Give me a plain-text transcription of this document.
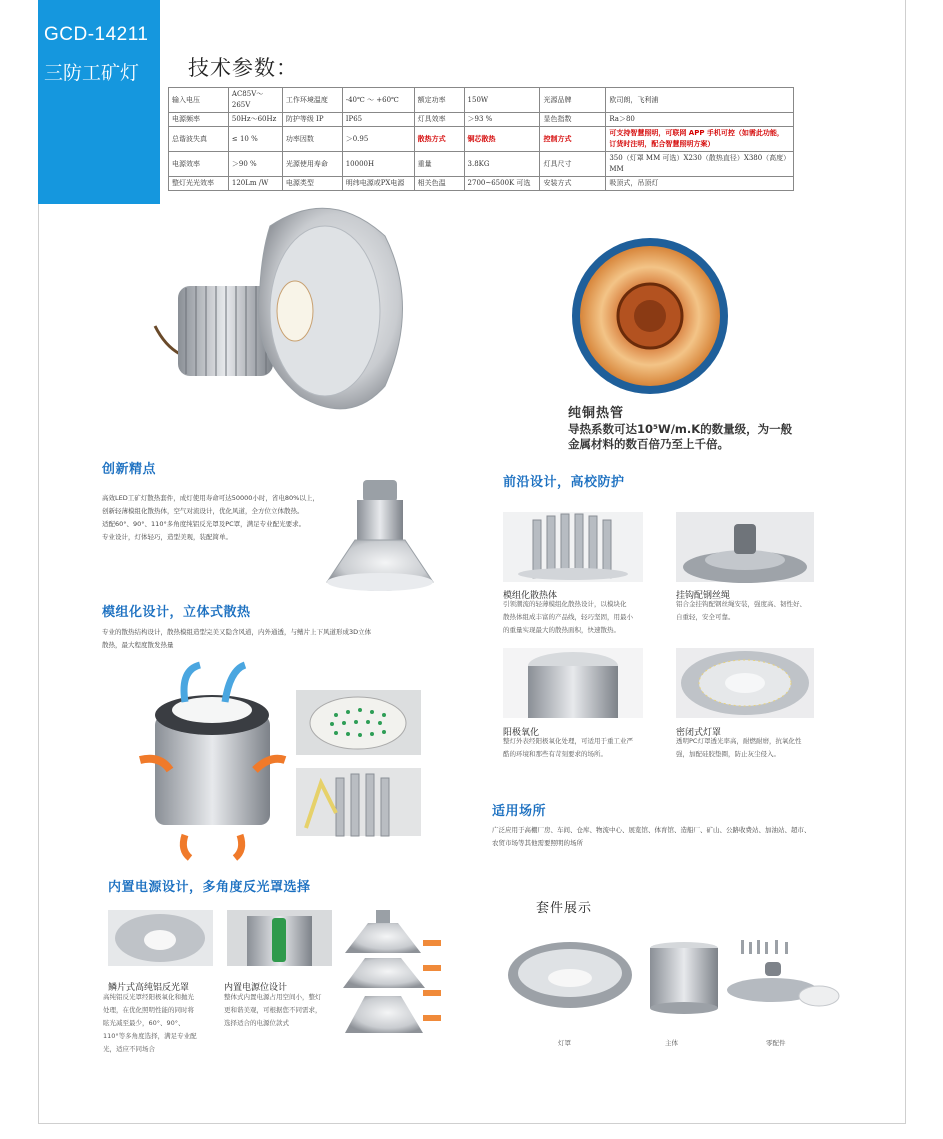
GCD-14211
三防工矿灯 技术参数：
输入电压	AC85V～265V	工作环境温度	-40℃ ～ +60℃	额定功率	150W	光源品牌	欧司朗，飞利浦
电源频率	50Hz～60Hz	防护等级 IP	IP65	灯具效率	＞93 %	显色指数	Ra＞80
总谐波失真	≤ 10 %	功率因数	＞0.95	散热方式	铜芯散热	控制方式	可支持智慧照明，可联网 APP 手机可控（如需此功能，订货时注明，配合智慧照明方案）
电源效率	＞90 %	光源使用寿命	10000H	重量	3.8KG	灯具尺寸	350（灯罩 MM 可选）X230（散热直径）X380（高度）MM
整灯光光效率	120Lm /W	电源类型	明纬电源或PX电源	相关色温	2700~6500K 可选	安装方式	吸顶式，吊顶灯
纯铜热管
导热系数可达10⁵W/m.K的数量级，为一般
金属材料的数百倍乃至上千倍。
创新精点
高效LED工矿灯散热套件，成灯使用寿命可达50000小时，省电80%以上，
创新轻薄模组化散热体，空气对流设计，优化风道，全方位立体散热。
适配60°、90°、110°多角度纯铝反光罩及PC罩，满足专业配光要求。
专业设计，灯体轻巧，造型美观，装配简单。
前沿设计，高校防护
模组化散热体
引领潮流的轻薄模组化散热设计，以模块化
散热体组成丰富的产品线，轻巧坚固，用最小
的重量实现最大的散热面积，快速散热。
挂钩配钢丝绳
铝合金挂钩配钢丝绳安装，强度高、韧性好、
自重轻，安全可靠。
阳极氧化
整灯外表经阳极氧化处理，可适用于重工业严
酷的环境和那些有苛刻要求的场所。
密闭式灯罩
透明PC灯罩透光率高，耐燃耐磨，抗氧化性
强，加配硅胶垫圈，防止灰尘侵入。
模组化设计，立体式散热
专业的散热结构设计，散热模组造型完美又隐含风道，内外通透，与鳍片上下风道形成3D立体
散热，最大程度散发热量
适用场所
广泛应用于高棚厂房、车间、仓库、物流中心、展览馆、体育馆、造船厂、矿山、公路收费站、加油站、超市、
农贸市场等其他需要照明的场所
内置电源设计，多角度反光罩选择
鳞片式高纯铝反光罩
高纯铝反光罩经阳极氧化和抛光
处理，在优化照明性能的同时将
眩光减至最少，60°、90°、
110°等多角度选择，满足专业配
光，适应不同场合
内置电源位设计
整体式内置电源占用空间小，整灯
更和谐美观，可根据您不同需求，
选择适合的电源位款式
套件展示
灯罩	主体	零配件
